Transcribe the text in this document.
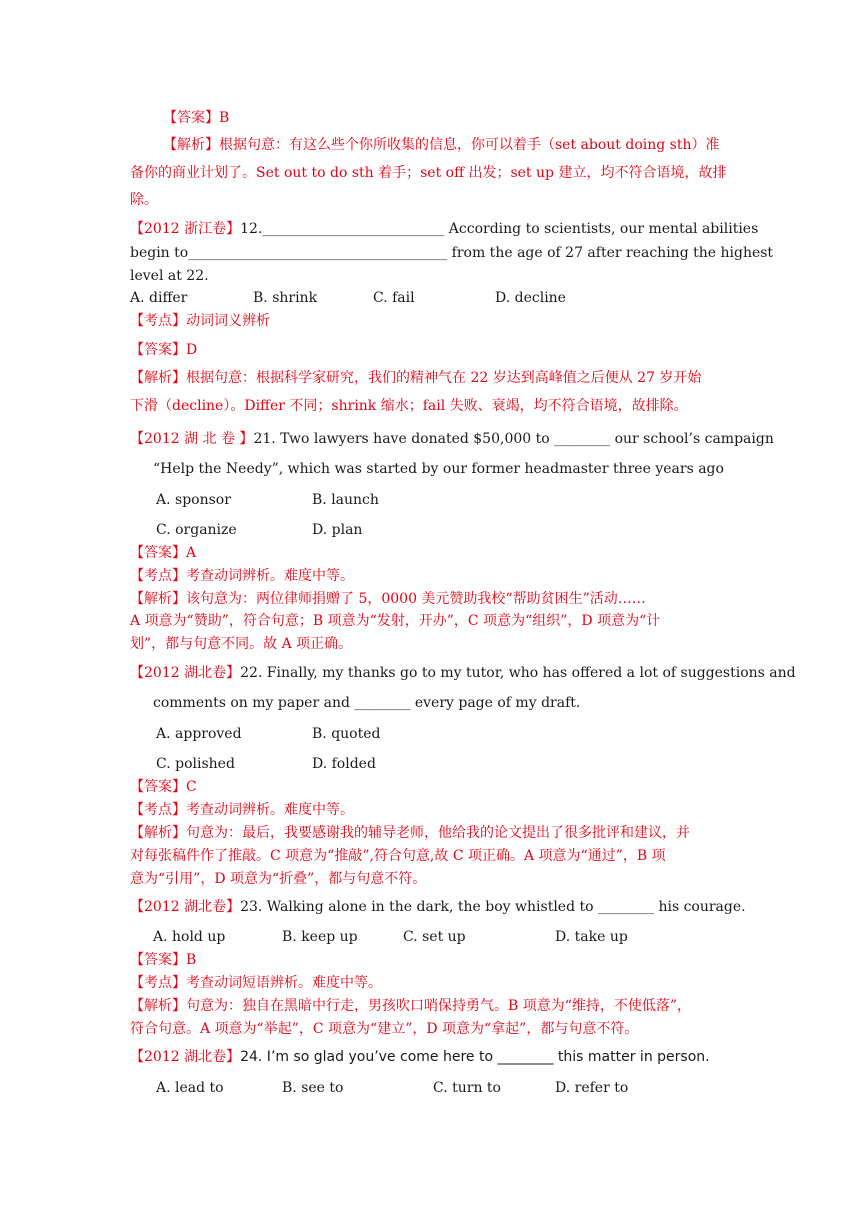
【答案】B
【解析】根据句意：有这么些个你所收集的信息，你可以着手（set about doing sth）准
备你的商业计划了。Set out to do sth 着手；set off 出发；set up 建立，均不符合语境，故排
除。
【2012 浙江卷】12.__________________________ According to scientists, our mental abilities
begin to_____________________________________ from the age of 27 after reaching the highest
level at 22.
A. differ	B. shrink	C. fail	D. decline
【考点】动词词义辨析
【答案】D
【解析】根据句意：根据科学家研究，我们的精神气在 22 岁达到高峰值之后便从 27 岁开始
下滑（decline）。Differ 不同；shrink 缩水；fail 失败、衰竭，均不符合语境，故排除。
【2012 湖 北 卷 】21. Two lawyers have donated $50,000 to ________ our school’s campaign
“Help the Needy”, which was started by our former headmaster three years ago
A. sponsor	B. launch
C. organize	D. plan
【答案】A
【考点】考查动词辨析。难度中等。
【解析】该句意为：两位律师捐赠了 5，0000 美元赞助我校“帮助贫困生”活动……
A 项意为“赞助”，符合句意；B 项意为“发射，开办”，C 项意为“组织”，D 项意为“计
划”，都与句意不同。故 A 项正确。
【2012 湖北卷】22. Finally, my thanks go to my tutor, who has offered a lot of suggestions and
comments on my paper and ________ every page of my draft.
A. approved	B. quoted
C. polished	D. folded
【答案】C
【考点】考查动词辨析。难度中等。
【解析】句意为：最后，我要感谢我的辅导老师，他给我的论文提出了很多批评和建议，并
对每张稿件作了推敲。C 项意为“推敲”,符合句意,故 C 项正确。A 项意为“通过”，B 项
意为“引用”，D 项意为“折叠”，都与句意不符。
【2012 湖北卷】23. Walking alone in the dark, the boy whistled to ________ his courage.
A. hold up	B. keep up	C. set up	D. take up
【答案】B
【考点】考查动词短语辨析。难度中等。
【解析】句意为：独自在黑暗中行走，男孩吹口哨保持勇气。B 项意为“维持，不使低落”，
符合句意。A 项意为“举起”，C 项意为“建立”，D 项意为“拿起”，都与句意不符。
【2012 湖北卷】24. I’m so glad you’ve come here to ________ this matter in person.
A. lead to	B. see to	C. turn to	D. refer to
